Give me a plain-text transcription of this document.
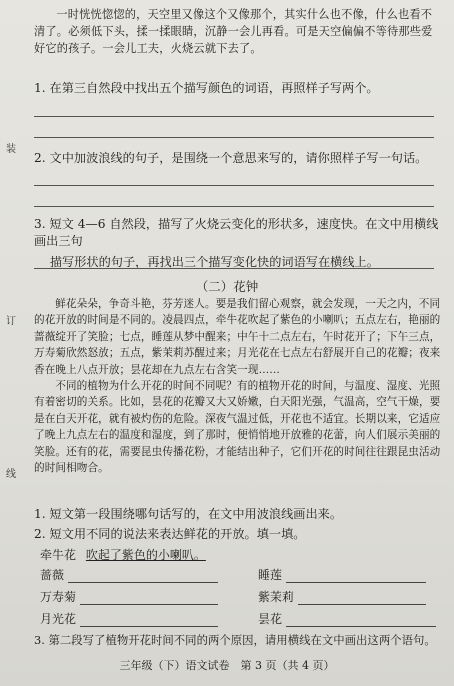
一时恍恍惚惚的，天空里又像这个又像那个，其实什么也不像，什么也看不清了。必须低下头，揉一揉眼睛，沉静一会儿再看。可是天空偏偏不等待那些爱好它的孩子。一会儿工夫，火烧云就下去了。

1. 在第三自然段中找出五个描写颜色的词语，再照样子写两个。

2. 文中加波浪线的句子，是围绕一个意思来写的，请你照样子写一句话。

3. 短文 4—6 自然段，描写了火烧云变化的形状多，速度快。在文中用横线画出三句

描写形状的句子，再找出三个描写变化快的词语写在横线上。

装
订
线
（二）花钟

鲜花朵朵，争奇斗艳，芬芳迷人。要是我们留心观察，就会发现，一天之内，不同的花开放的时间是不同的。凌晨四点，牵牛花吹起了紫色的小喇叭；五点左右，艳丽的蔷薇绽开了笑脸；七点，睡莲从梦中醒来；中午十二点左右，午时花开了；下午三点，万寿菊欣然怒放；五点，紫茉莉苏醒过来；月光花在七点左右舒展开自己的花瓣；夜来香在晚上八点开放；昙花却在九点左右含笑一现……

不同的植物为什么开花的时间不同呢？有的植物开花的时间，与温度、湿度、光照有着密切的关系。比如，昙花的花瓣又大又娇嫩，白天阳光强，气温高，空气干燥，要是在白天开花，就有被灼伤的危险。深夜气温过低，开花也不适宜。长期以来，它适应了晚上九点左右的温度和湿度，到了那时，便悄悄地开放雅的花蕾，向人们展示美丽的笑脸。还有的花，需要昆虫传播花粉，才能结出种子，它们开花的时间往往跟昆虫活动的时间相吻合。

1. 短文第一段围绕哪句话写的，在文中用波浪线画出来。

2. 短文用不同的说法来表达鲜花的开放。填一填。

牵牛花 吹起了紫色的小喇叭。
蔷薇	睡莲
万寿菊	紫茉莉
月光花	昙花

3. 第二段写了植物开花时间不同的两个原因，请用横线在文中画出这两个语句。

三年级（下）语文试卷　第 3 页（共 4 页）
